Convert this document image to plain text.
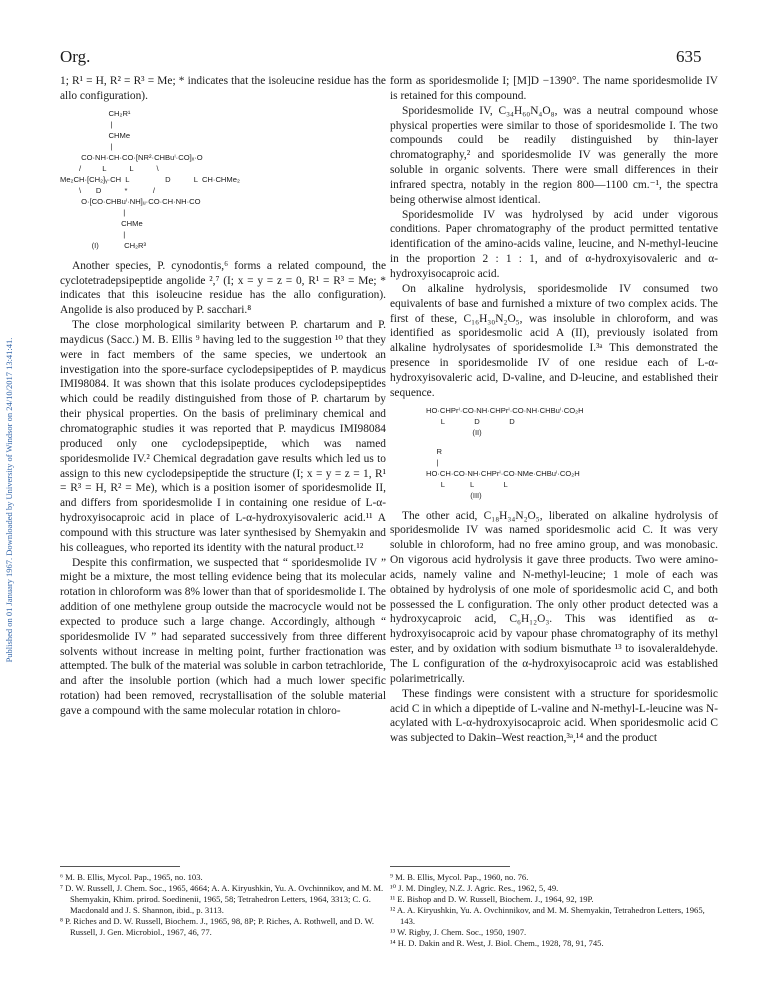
Published on 01 January 1967. Downloaded by University of Windsor on 24/10/2017 13:41:41.
Org.	635

1; R¹ = H, R² = R³ = Me; * indicates that the isoleucine residue has the allo configuration).

CH₂R¹
|
CHMe
|
CO·NH·CH·CO·[NR²·CHBuⁱ·CO]ₓ·O
/          L           L           \
Me₂CH·[CH₂]ᵧ·CH  L                 D           L  CH·CHMe₂
\       D           *            /
O·[CO·CHBuⁱ·NH]ᵤ·CO·CH·NH·CO
|
CHMe
|
(I)            CH₂R³

Another species, P. cynodontis,⁶ forms a related compound, the cyclotetradepsipeptide angolide ²,⁷ (I; x = y = z = 0, R¹ = R³ = Me; * indicates that this isoleucine residue has the allo configuration). Angolide is also produced by P. sacchari.⁸

The close morphological similarity between P. chartarum and P. maydicus (Sacc.) M. B. Ellis ⁹ having led to the suggestion ¹⁰ that they were in fact members of the same species, we undertook an investigation into the spore-surface cyclodepsipeptides of P. maydicus IMI98084. It was shown that this isolate produces cyclodepsipeptides which could be readily distinguished from those of P. chartarum by their physical properties. On the basis of preliminary chemical and chromatographic studies it was reported that P. maydicus IMI98084 produced only one cyclodepsipeptide, which was named sporidesmolide IV.² Chemical degradation gave results which led us to assign to this new cyclodepsipeptide the structure (I; x = y = z = 1, R¹ = R³ = H, R² = Me), which is a position isomer of sporidesmolide II, and differs from sporidesmolide I in containing one residue of L-α-hydroxyisocaproic acid in place of L-α-hydroxyisovaleric acid.¹¹ A compound with this structure was later synthesised by Shemyakin and his colleagues, who reported its identity with the natural product.¹²

Despite this confirmation, we suspected that “ sporidesmolide IV ” might be a mixture, the most telling evidence being that its molecular rotation in chloroform was 8% lower than that of sporidesmolide I. The addition of one methylene group outside the macrocycle would not be expected to produce such a large change. Accordingly, although “ sporidesmolide IV ” had separated successively from three different solvents without increase in melting point, further fractionation was attempted. The bulk of the material was soluble in carbon tetrachloride, and after the insoluble portion (which had a much lower specific rotation) had been removed, recrystallisation of the soluble material gave a compound with the same molecular rotation in chloro-

form as sporidesmolide I; [M]D −1390°. The name sporidesmolide IV is retained for this compound.

Sporidesmolide IV, C₃₄H₆₀N₄O₈, was a neutral compound whose physical properties were similar to those of sporidesmolide I. The two compounds could be readily distinguished by thin-layer chromatography,² and sporidesmolide IV was generally the more soluble in organic solvents. There were small differences in their infrared spectra, notably in the region 800—1100 cm.⁻¹, the spectra being otherwise almost identical.

Sporidesmolide IV was hydrolysed by acid under vigorous conditions. Paper chromatography of the product permitted tentative identification of the amino-acids valine, leucine, and N-methyl-leucine in the proportion 2 : 1 : 1, and of α-hydroxyisovaleric and α-hydroxyisocaproic acid.

On alkaline hydrolysis, sporidesmolide IV consumed two equivalents of base and furnished a mixture of two complex acids. The first of these, C₁₆H₃₀N₂O₅, was insoluble in chloroform, and was identified as sporidesmolic acid A (II), previously isolated from alkaline hydrolysates of sporidesmolide I.³ᵃ This demonstrated the presence in sporidesmolide IV of one residue each of L-α-hydroxyisovaleric acid, D-valine, and D-leucine, and established their sequence.

HO·CHPrⁱ·CO·NH·CHPrⁱ·CO·NH·CHBuⁱ·CO₂H
L              D              D
(II)
R
|
HO·CH·CO·NH·CHPrⁱ·CO·NMe·CHBuⁱ·CO₂H
L            L              L
(III)

The other acid, C₁₈H₃₄N₂O₅, liberated on alkaline hydrolysis of sporidesmolide IV was named sporidesmolic acid C. It was very soluble in chloroform, had no free amino group, and was monobasic. On vigorous acid hydrolysis it gave three products. Two were amino-acids, namely valine and N-methyl-leucine; 1 mole of each was obtained by hydrolysis of one mole of sporidesmolic acid C, and both possessed the L configuration. The only other product detected was a hydroxycaproic acid, C₆H₁₂O₃. This was identified as α-hydroxyisocaproic acid by vapour phase chromatography of its methyl ester, and by oxidation with sodium bismuthate ¹³ to isovaleraldehyde. The L configuration of the α-hydroxyisocaproic acid was established polarimetrically.

These findings were consistent with a structure for sporidesmolic acid C in which a dipeptide of L-valine and N-methyl-L-leucine was N-acylated with L-α-hydroxyisocaproic acid. When sporidesmolic acid C was subjected to Dakin–West reaction,³ᵃ,¹⁴ and the product

⁶ M. B. Ellis, Mycol. Pap., 1965, no. 103.
⁷ D. W. Russell, J. Chem. Soc., 1965, 4664; A. A. Kiryushkin, Yu. A. Ovchinnikov, and M. M. Shemyakin, Khim. prirod. Soedinenii, 1965, 58; Tetrahedron Letters, 1964, 3313; C. G. Macdonald and J. S. Shannon, ibid., p. 3113.
⁸ P. Riches and D. W. Russell, Biochem. J., 1965, 98, 8P; P. Riches, A. Rothwell, and D. W. Russell, J. Gen. Microbiol., 1967, 46, 77.
⁹ M. B. Ellis, Mycol. Pap., 1960, no. 76.
¹⁰ J. M. Dingley, N.Z. J. Agric. Res., 1962, 5, 49.
¹¹ E. Bishop and D. W. Russell, Biochem. J., 1964, 92, 19P.
¹² A. A. Kiryushkin, Yu. A. Ovchinnikov, and M. M. Shemyakin, Tetrahedron Letters, 1965, 143.
¹³ W. Rigby, J. Chem. Soc., 1950, 1907.
¹⁴ H. D. Dakin and R. West, J. Biol. Chem., 1928, 78, 91, 745.
